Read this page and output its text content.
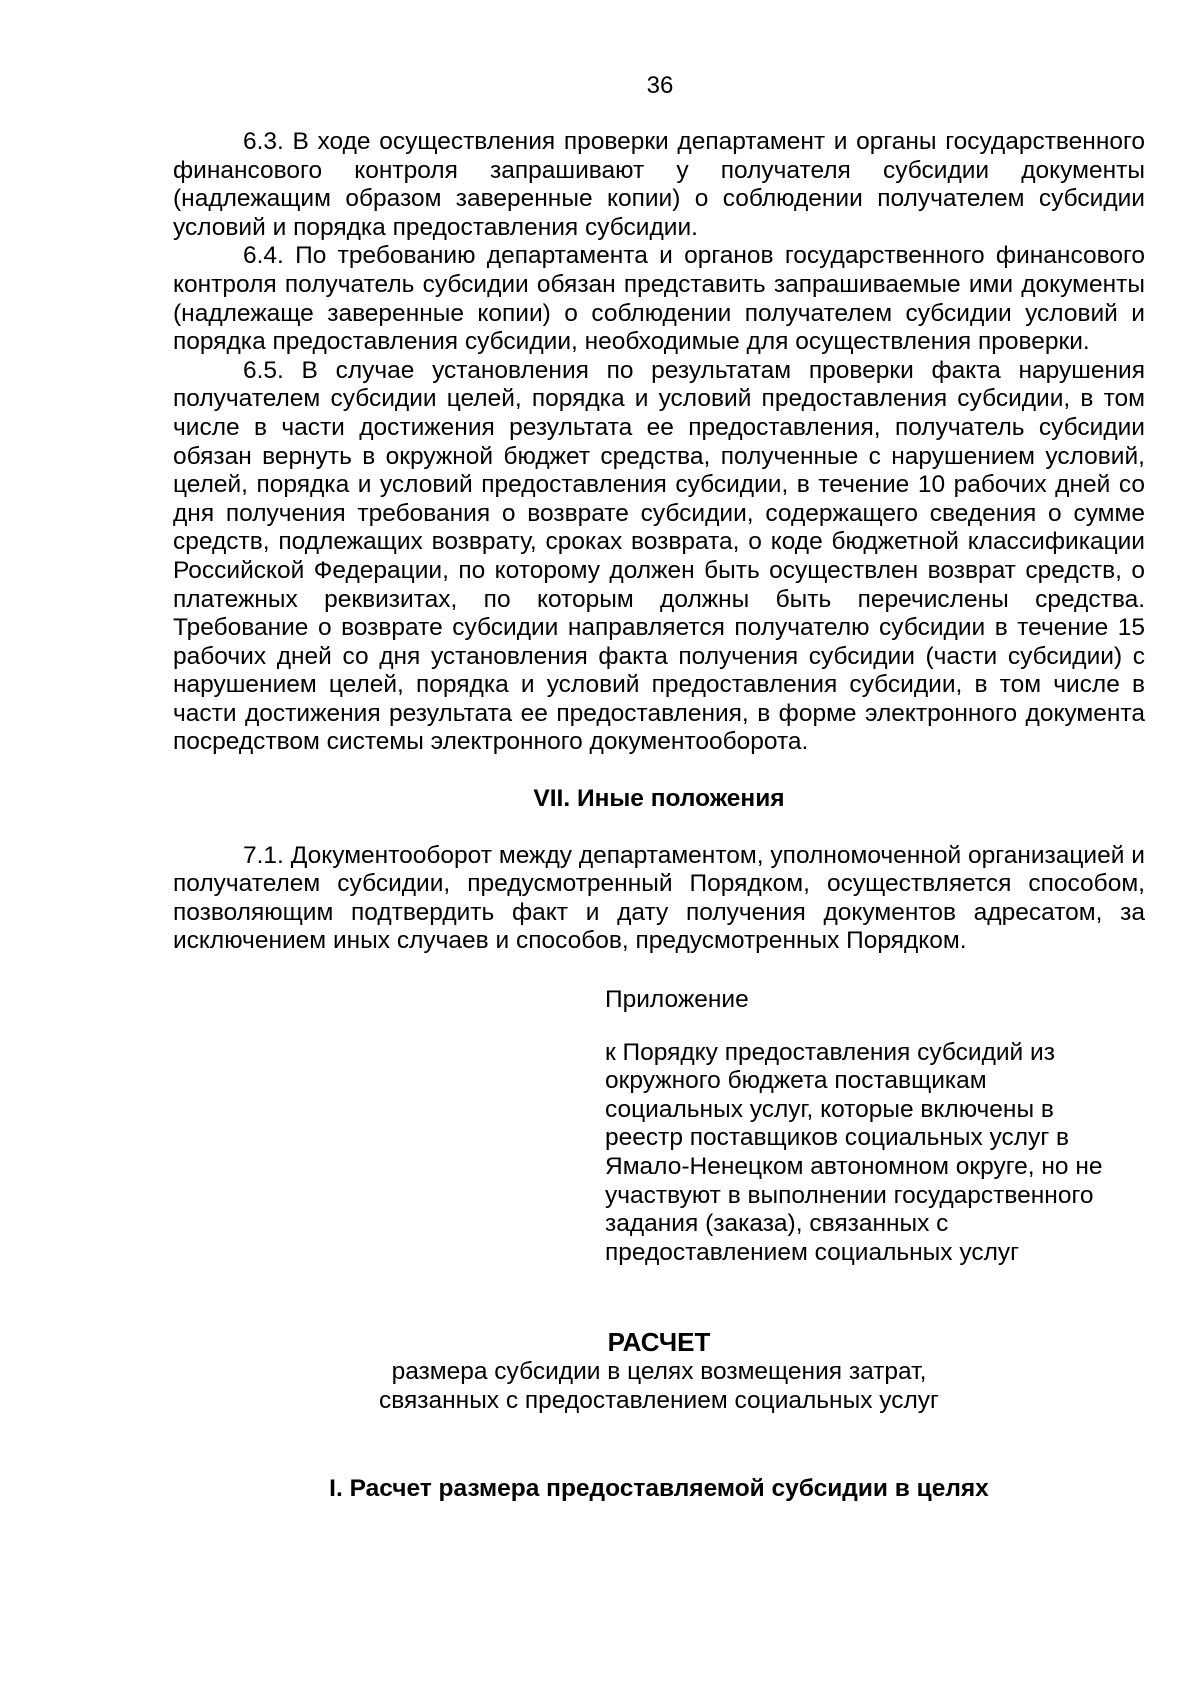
36

6.3. В ходе осуществления проверки департамент и органы государственного финансового контроля запрашивают у получателя субсидии документы (надлежащим образом заверенные копии) о соблюдении получателем субсидии условий и порядка предоставления субсидии.

6.4. По требованию департамента и органов государственного финансового контроля получатель субсидии обязан представить запрашиваемые ими документы (надлежаще заверенные копии) о соблюдении получателем субсидии условий и порядка предоставления субсидии, необходимые для осуществления проверки.

6.5. В случае установления по результатам проверки факта нарушения получателем субсидии целей, порядка и условий предоставления субсидии, в том числе в части достижения результата ее предоставления, получатель субсидии обязан вернуть в окружной бюджет средства, полученные с нарушением условий, целей, порядка и условий предоставления субсидии, в течение 10 рабочих дней со дня получения требования о возврате субсидии, содержащего сведения о сумме средств, подлежащих возврату, сроках возврата, о коде бюджетной классификации Российской Федерации, по которому должен быть осуществлен возврат средств, о платежных реквизитах, по которым должны быть перечислены средства. Требование о возврате субсидии направляется получателю субсидии в течение 15 рабочих дней со дня установления факта получения субсидии (части субсидии) с нарушением целей, порядка и условий предоставления субсидии, в том числе в части достижения результата ее предоставления, в форме электронного документа посредством системы электронного документооборота.

VII. Иные положения

7.1. Документооборот между департаментом, уполномоченной организацией и получателем субсидии, предусмотренный Порядком, осуществляется способом, позволяющим подтвердить факт и дату получения документов адресатом, за исключением иных случаев и способов, предусмотренных Порядком.

Приложение

к Порядку предоставления субсидий из
окружного бюджета поставщикам
социальных услуг, которые включены в
реестр поставщиков социальных услуг в
Ямало-Ненецком автономном округе, но не
участвуют в выполнении государственного
задания (заказа), связанных с
предоставлением социальных услуг

РАСЧЕТ
размера субсидии в целях возмещения затрат,
связанных с предоставлением социальных услуг
I. Расчет размера предоставляемой субсидии в целях
